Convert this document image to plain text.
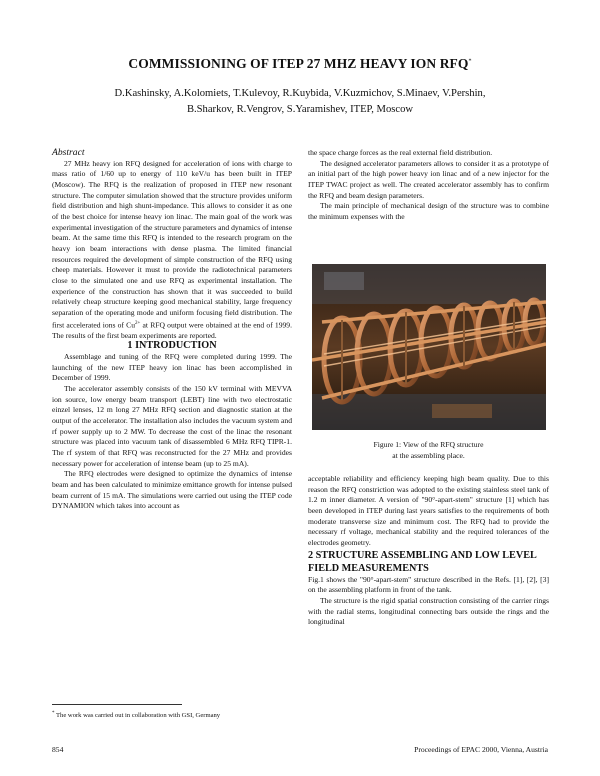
COMMISSIONING OF ITEP 27 MHZ HEAVY ION RFQ*
D.Kashinsky, A.Kolomiets, T.Kulevoy, R.Kuybida, V.Kuzmichov, S.Minaev, V.Pershin,
B.Sharkov, R.Vengrov, S.Yaramishev, ITEP, Moscow

Abstract

27 MHz heavy ion RFQ designed for acceleration of ions with charge to mass ratio of 1/60 up to energy of 110 keV/u has been built in ITEP (Moscow). The RFQ is the realization of proposed in ITEP new resonant structure. The computer simulation showed that the structure provides uniform field distribution and high shunt-impedance. This allows to consider it as one of the best choice for intense heavy ion linac. The main goal of the work was experimental investigation of the structure parameters and dynamics of intense beam. At the same time this RFQ is intended to the research program on the heavy ion beam interactions with dense plasma. The limited financial resources required the development of simple construction of the RFQ using cheep materials. However it must to provide the radiotechnical parameters close to the simulated one and use RFQ as experimental installation. The experience of the construction has shown that it was succeeded to build relatively cheap structure keeping good mechanical stability, large frequency separation of the operating mode and uniform focusing field distribution. The first accelerated ions of $Cu^{2+}$ at RFQ output were obtained at the end of 1999. The results of the first beam experiments are reported.

1 INTRODUCTION

Assemblage and tuning of the RFQ were completed during 1999. The launching of the new ITEP heavy ion linac has been accomplished in December of 1999.

The accelerator assembly consists of the 150 kV terminal with MEVVA ion source, low energy beam transport (LEBT) line with two electrostatic einzel lenses, 12 m long 27 MHz RFQ section and diagnostic station at the output of the accelerator. The installation also includes the vacuum system and rf power supply up to 2 MW. To decrease the cost of the linac the resonant structure was placed into vacuum tank of disassembled 6 MHz RFQ TIPR-1. The rf system of that RFQ was reconstructed for the 27 MHz and provides necessary power for acceleration of intense beam (up to 25 mA).

The RFQ electrodes were designed to optimize the dynamics of intense beam and has been calculated to minimize emittance growth for intense pulsed beam current of 15 mA. The simulations were carried out using the ITEP code DYNAMION which takes into account as

the space charge forces as the real external field distribution.

The designed accelerator parameters allows to consider it as a prototype of an initial part of the high power heavy ion linac and of a new injector for the ITEP TWAC project as well. The created accelerator assembly has to confirm the RFQ and beam design parameters.

The main principle of mechanical design of the structure was to combine the minimum expenses with the

Figure 1: View of the RFQ structure
at the assembling place.

acceptable reliability and efficiency keeping high beam quality. Due to this reason the RFQ constriction was adopted to the existing stainless steel tank of 1.2 m inner diameter. A version of "90°-apart-stem" structure [1] which has been developed in ITEP during last years satisfies to the requirements of both moderate transverse size and minimum cost. The RFQ had to provide the necessary rf voltage, mechanical stability and the required tolerances of the electrodes geometry.

2 STRUCTURE ASSEMBLING AND LOW LEVEL FIELD MEASUREMENTS

Fig.1 shows the "90°-apart-stem" structure described in the Refs. [1], [2], [3] on the assembling platform in front of the tank.

The structure is the rigid spatial construction consisting of the carrier rings with the radial stems, longitudinal connecting bars outside the rings and the longitudinal

* The work was carried out in collaboration with GSI, Germany
854	Proceedings of EPAC 2000, Vienna, Austria
